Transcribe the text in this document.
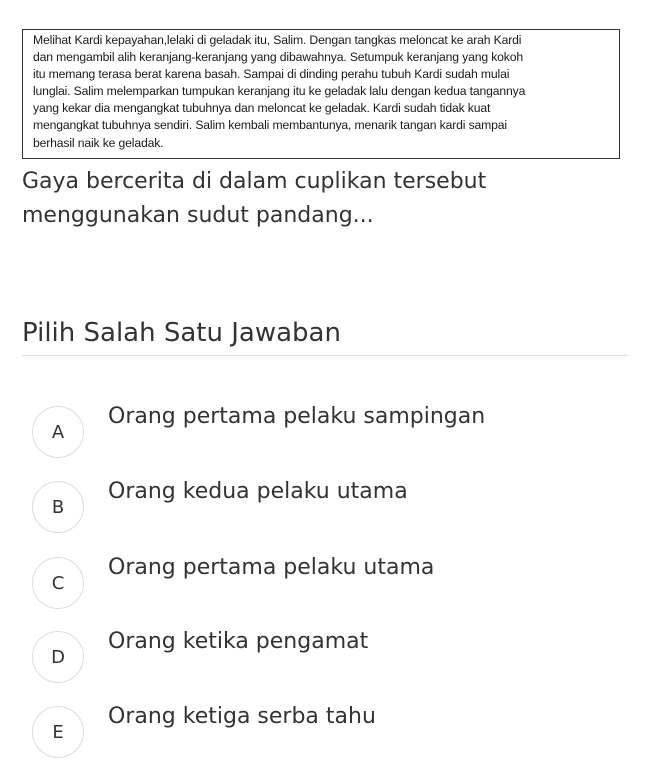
Melihat Kardi kepayahan,lelaki di geladak itu, Salim. Dengan tangkas meloncat ke arah Kardi
dan mengambil alih keranjang-keranjang yang dibawahnya. Setumpuk keranjang yang kokoh
itu memang terasa berat karena basah. Sampai di dinding perahu tubuh Kardi sudah mulai
lunglai. Salim melemparkan tumpukan keranjang itu ke geladak lalu dengan kedua tangannya
yang kekar dia mengangkat tubuhnya dan meloncat ke geladak. Kardi sudah tidak kuat
mengangkat tubuhnya sendiri. Salim kembali membantunya, menarik tangan kardi sampai
berhasil naik ke geladak.
Gaya bercerita di dalam cuplikan tersebut
menggunakan sudut pandang...
Pilih Salah Satu Jawaban
A
Orang pertama pelaku sampingan
B
Orang kedua pelaku utama
C
Orang pertama pelaku utama
D
Orang ketika pengamat
E
Orang ketiga serba tahu
